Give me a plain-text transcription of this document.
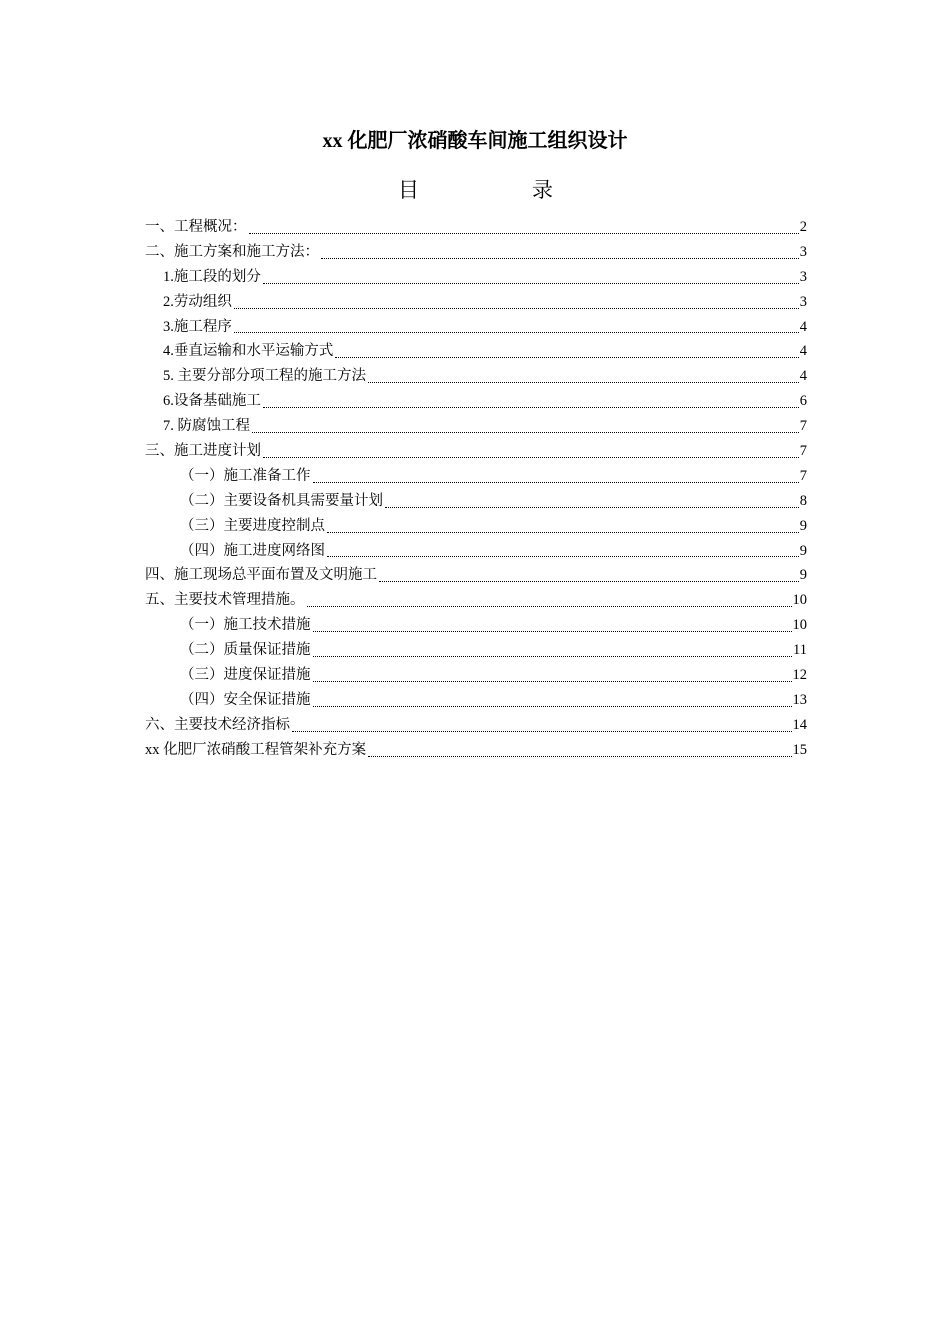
xx 化肥厂浓硝酸车间施工组织设计
目	录
一、工程概况：	2
二、施工方案和施工方法：	3
1.施工段的划分	3
2.劳动组织	3
3.施工程序	4
4.垂直运输和水平运输方式	4
5. 主要分部分项工程的施工方法	4
6.设备基础施工	6
7. 防腐蚀工程	7
三、施工进度计划	7
（一）施工准备工作	7
（二）主要设备机具需要量计划	8
（三）主要进度控制点	9
（四）施工进度网络图	9
四、施工现场总平面布置及文明施工	9
五、主要技术管理措施。	10
（一）施工技术措施	10
（二）质量保证措施	11
（三）进度保证措施	12
（四）安全保证措施	13
六、主要技术经济指标	14
xx 化肥厂浓硝酸工程管架补充方案	15
